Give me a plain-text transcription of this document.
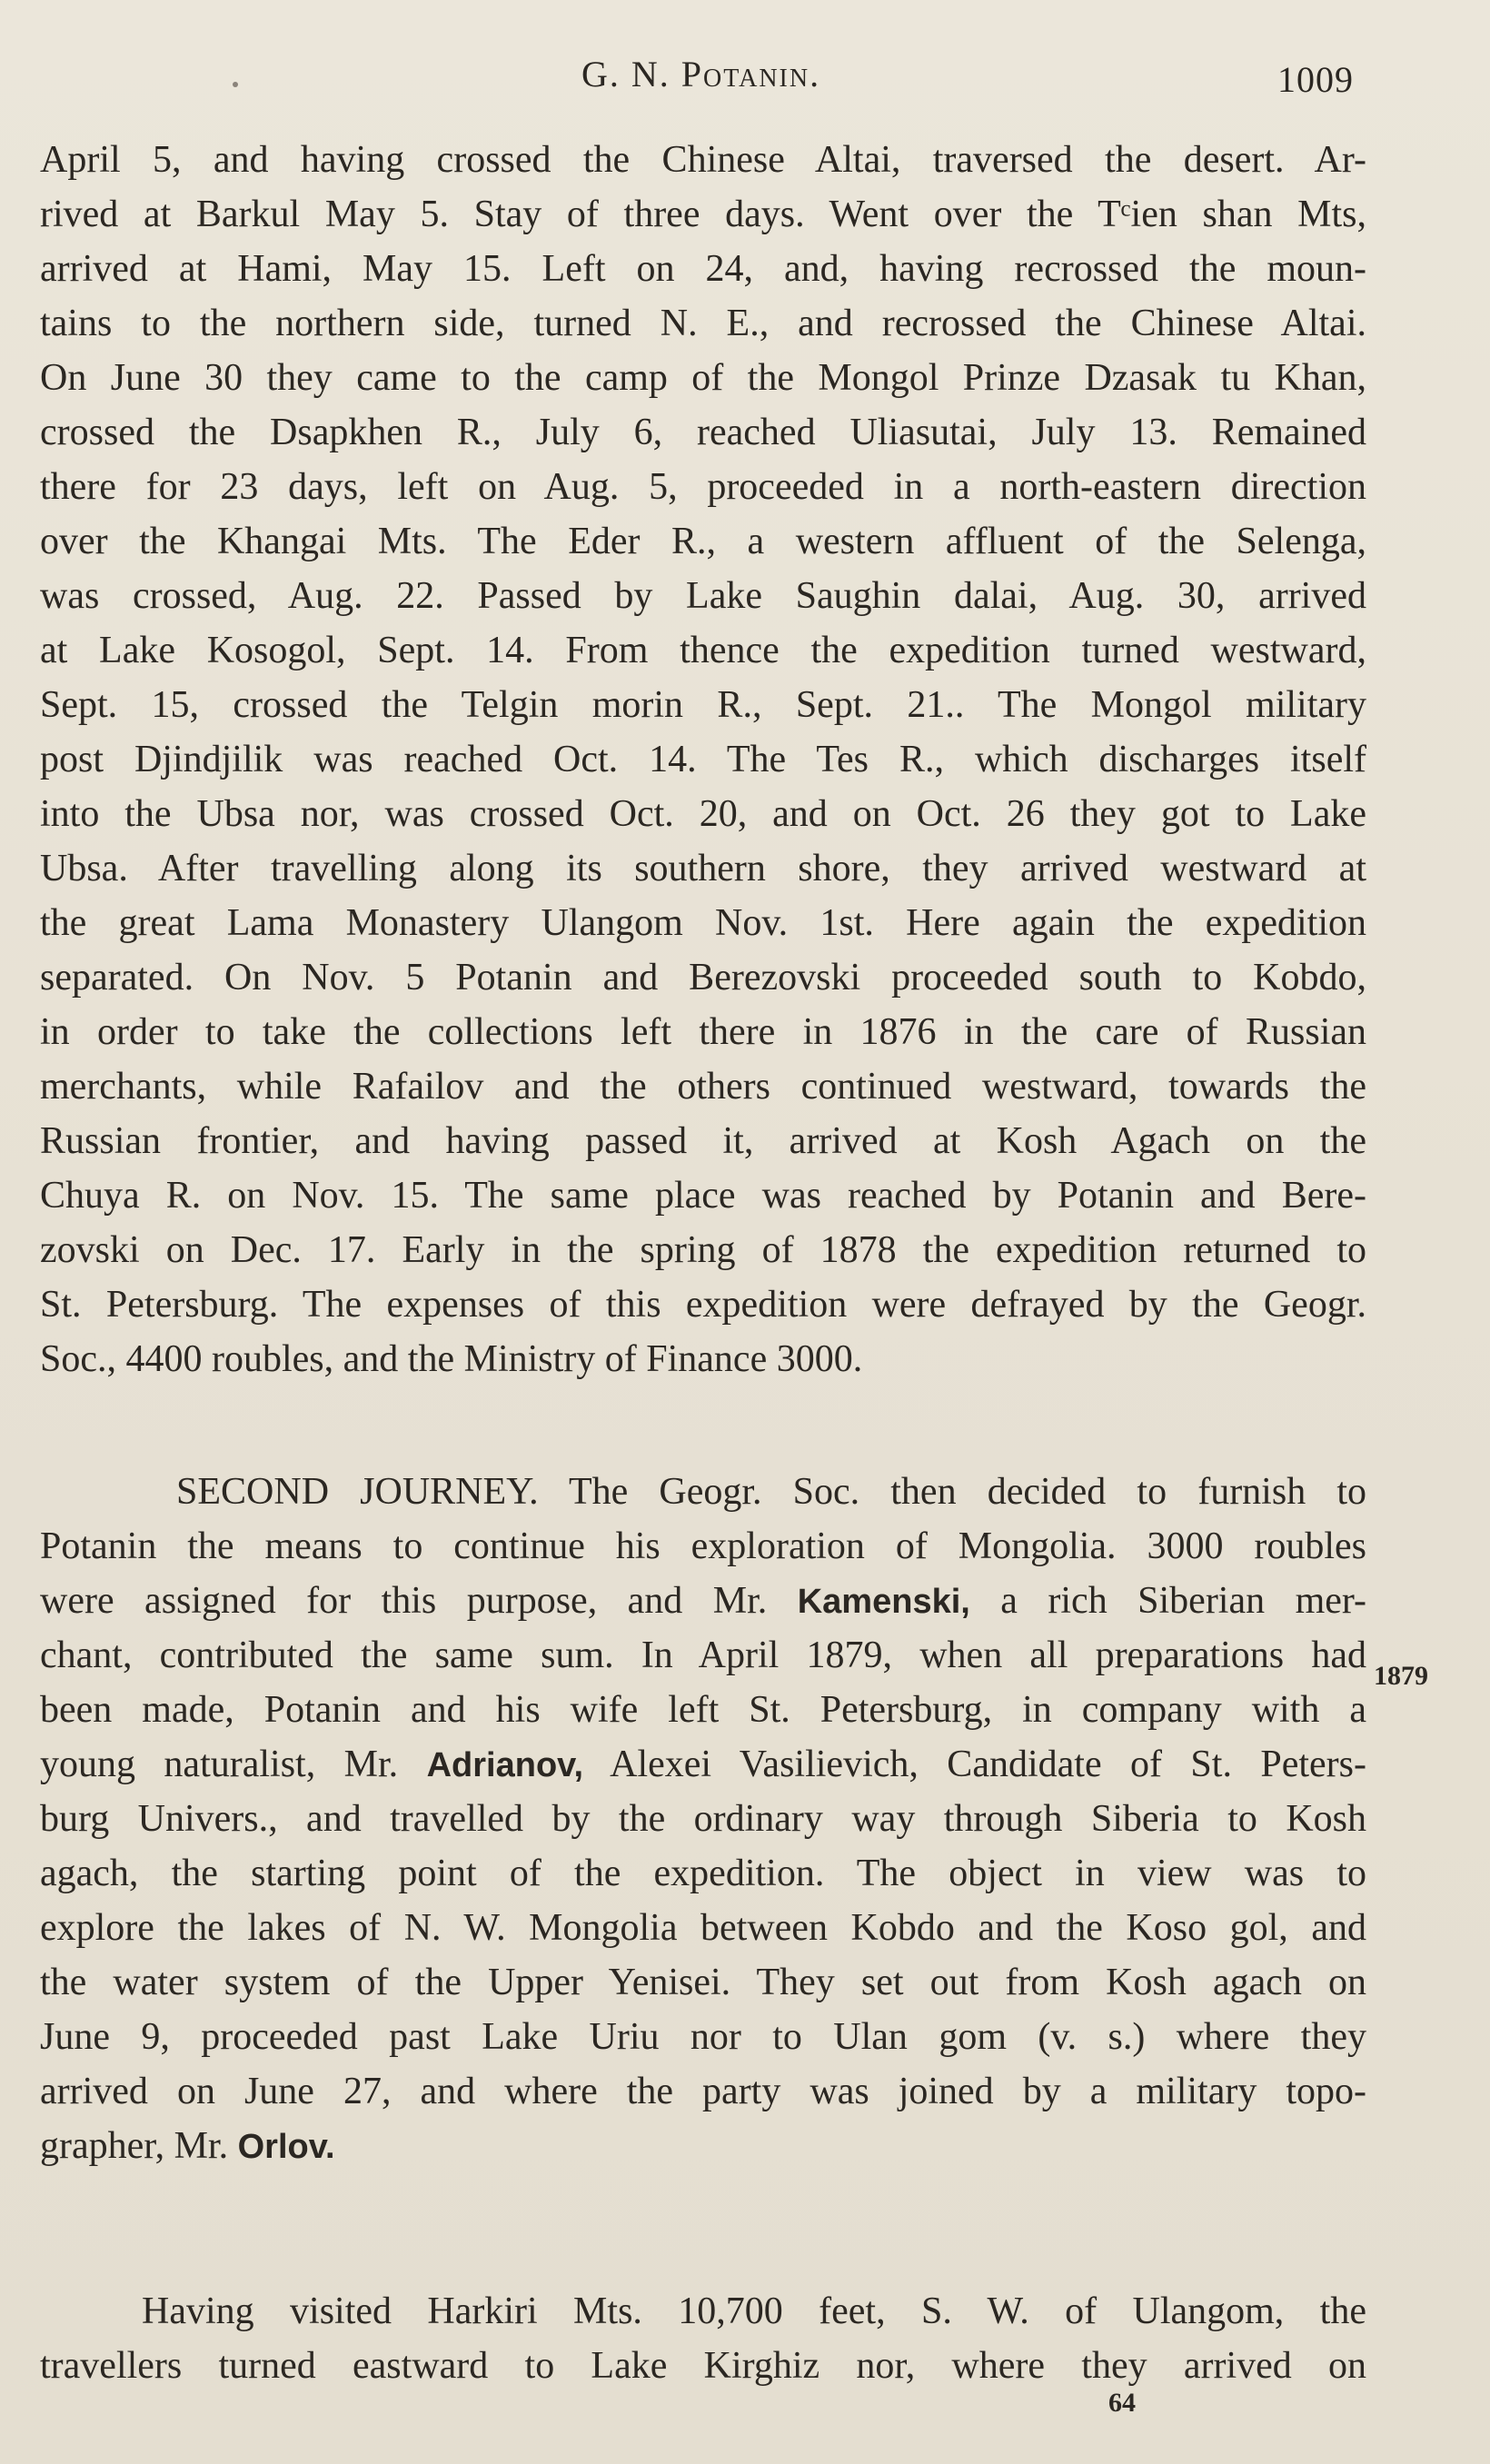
G. N. Potanin.	1009
April 5, and having crossed the Chinese Altai, traversed the desert. Ar-
rived at Barkul May 5. Stay of three days. Went over the Tᶜien shan Mts,
arrived at Hami, May 15. Left on 24, and, having recrossed the moun-
tains to the northern side, turned N. E., and recrossed the Chinese Altai.
On June 30 they came to the camp of the Mongol Prinze Dzasak tu Khan,
crossed the Dsapkhen R., July 6, reached Uliasutai, July 13. Remained
there for 23 days, left on Aug. 5, proceeded in a north-eastern direction
over the Khangai Mts. The Eder R., a western affluent of the Selenga,
was crossed, Aug. 22. Passed by Lake Saughin dalai, Aug. 30, arrived
at Lake Kosogol, Sept. 14. From thence the expedition turned westward,
Sept. 15, crossed the Telgin morin R., Sept. 21.. The Mongol military
post Djindjilik was reached Oct. 14. The Tes R., which discharges itself
into the Ubsa nor, was crossed Oct. 20, and on Oct. 26 they got to Lake
Ubsa. After travelling along its southern shore, they arrived westward at
the great Lama Monastery Ulangom Nov. 1st. Here again the expedition
separated. On Nov. 5 Potanin and Berezovski proceeded south to Kobdo,
in order to take the collections left there in 1876 in the care of Russian
merchants, while Rafailov and the others continued westward, towards the
Russian frontier, and having passed it, arrived at Kosh Agach on the
Chuya R. on Nov. 15. The same place was reached by Potanin and Bere-
zovski on Dec. 17. Early in the spring of 1878 the expedition returned to
St. Petersburg. The expenses of this expedition were defrayed by the Geogr.
Soc., 4400 roubles, and the Ministry of Finance 3000.
SECOND JOURNEY. The Geogr. Soc. then decided to furnish to
Potanin the means to continue his exploration of Mongolia. 3000 roubles
were assigned for this purpose, and Mr. Kamenski, a rich Siberian mer-
chant, contributed the same sum. In April 1879, when all preparations had
been made, Potanin and his wife left St. Petersburg, in company with a
young naturalist, Mr. Adrianov, Alexei Vasilievich, Candidate of St. Peters-
burg Univers., and travelled by the ordinary way through Siberia to Kosh
agach, the starting point of the expedition. The object in view was to
explore the lakes of N. W. Mongolia between Kobdo and the Koso gol, and
the water system of the Upper Yenisei. They set out from Kosh agach on
June 9, proceeded past Lake Uriu nor to Ulan gom (v. s.) where they
arrived on June 27, and where the party was joined by a military topo-
grapher, Mr. Orlov.
Having visited Harkiri Mts. 10,700 feet, S. W. of Ulangom, the
travellers turned eastward to Lake Kirghiz nor, where they arrived on
1879
64
